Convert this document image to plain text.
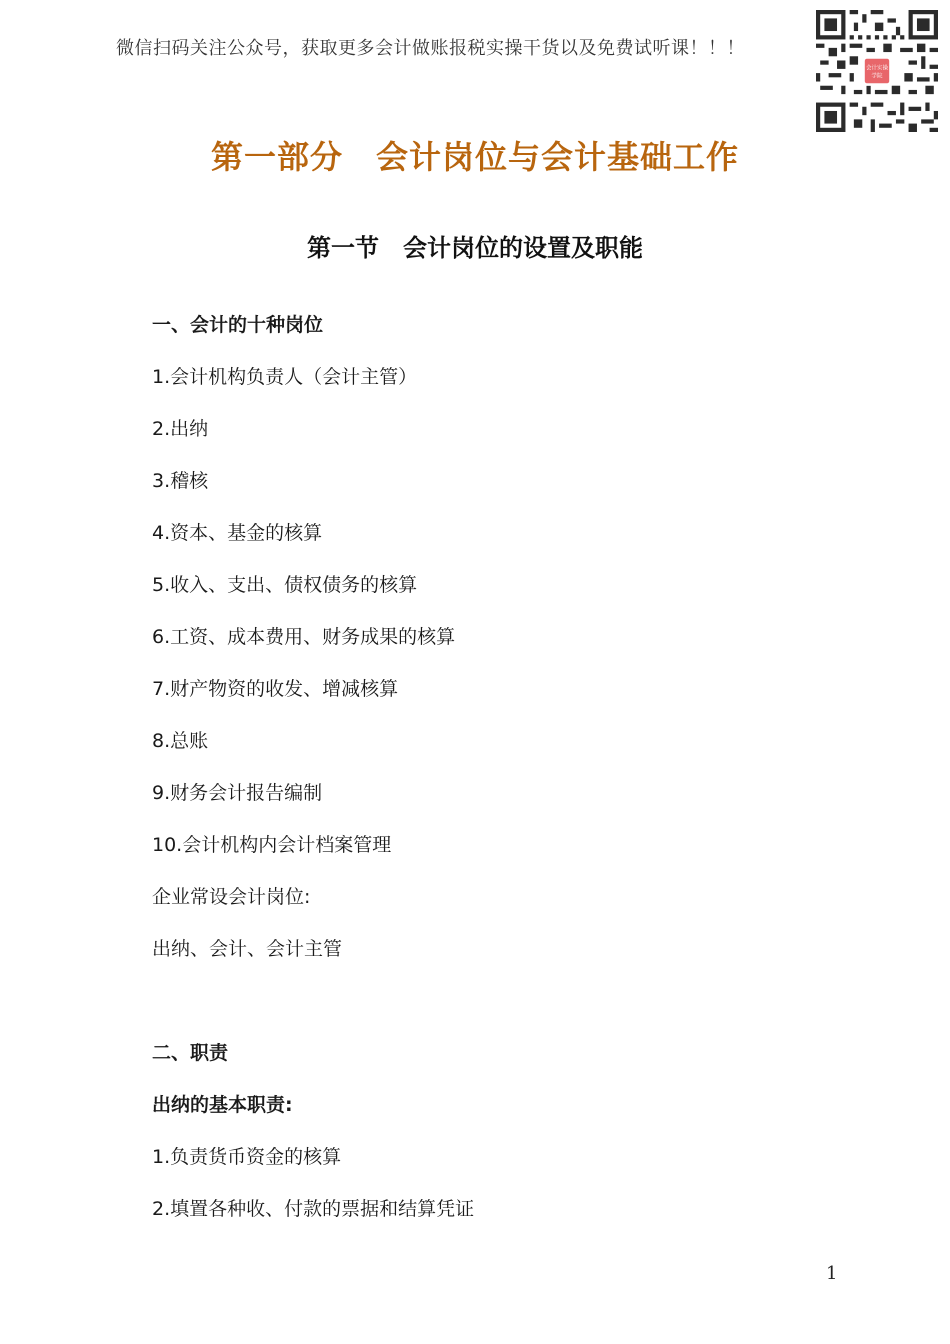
微信扫码关注公众号，获取更多会计做账报税实操干货以及免费试听课！！！
会计实操
学院
第一部分　会计岗位与会计基础工作
第一节　会计岗位的设置及职能
一、会计的十种岗位
1.会计机构负责人（会计主管）
2.出纳
3.稽核
4.资本、基金的核算
5.收入、支出、债权债务的核算
6.工资、成本费用、财务成果的核算
7.财产物资的收发、增减核算
8.总账
9.财务会计报告编制
10.会计机构内会计档案管理
企业常设会计岗位:
出纳、会计、会计主管
二、职责
出纳的基本职责:
1.负责货币资金的核算
2.填置各种收、付款的票据和结算凭证
1
